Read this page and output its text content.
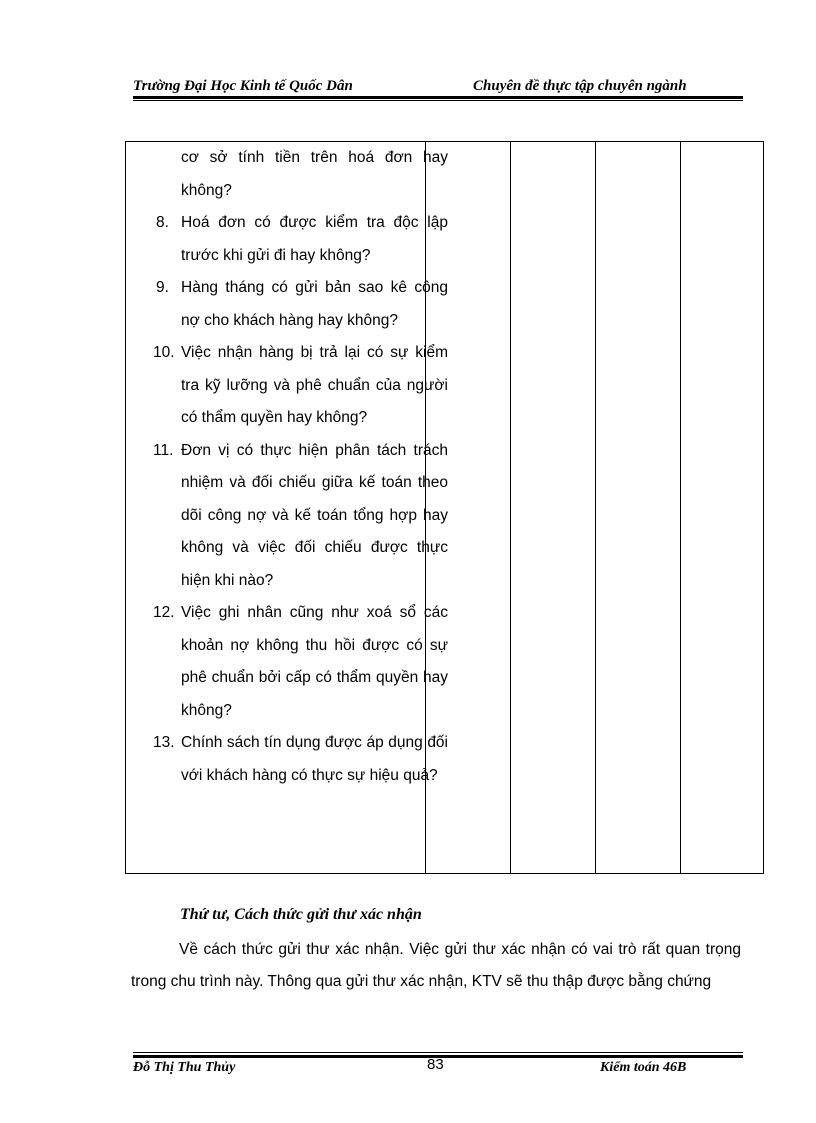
Trường Đại Học Kinh tế Quốc Dân	Chuyên đề thực tập chuyên ngành
cơ sở tính tiền trên hoá đơn hay không?
8. Hoá đơn có được kiểm tra độc lập trước khi gửi đi hay không?
9. Hàng tháng có gửi bản sao kê công nợ cho khách hàng hay không?
10. Việc nhận hàng bị trả lại có sự kiểm tra kỹ lưỡng và phê chuẩn của người có thẩm quyền hay không?
11. Đơn vị có thực hiện phân tách trách nhiệm và đối chiếu giữa kế toán theo dõi công nợ và kế toán tổng hợp hay không và việc đối chiếu được thực hiện khi nào?
12. Việc ghi nhân cũng như xoá sổ các khoản nợ không thu hồi được có sự phê chuẩn bởi cấp có thẩm quyền hay không?
13. Chính sách tín dụng được áp dụng đối với khách hàng có thực sự hiệu quả?
Thứ tư, Cách thức gửi thư xác nhận
Về cách thức gửi thư xác nhận. Việc gửi thư xác nhận có vai trò rất quan trọng trong chu trình này. Thông qua gửi thư xác nhận, KTV sẽ thu thập được bằng chứng
Đỗ Thị Thu Thủy	83	Kiểm toán 46B
